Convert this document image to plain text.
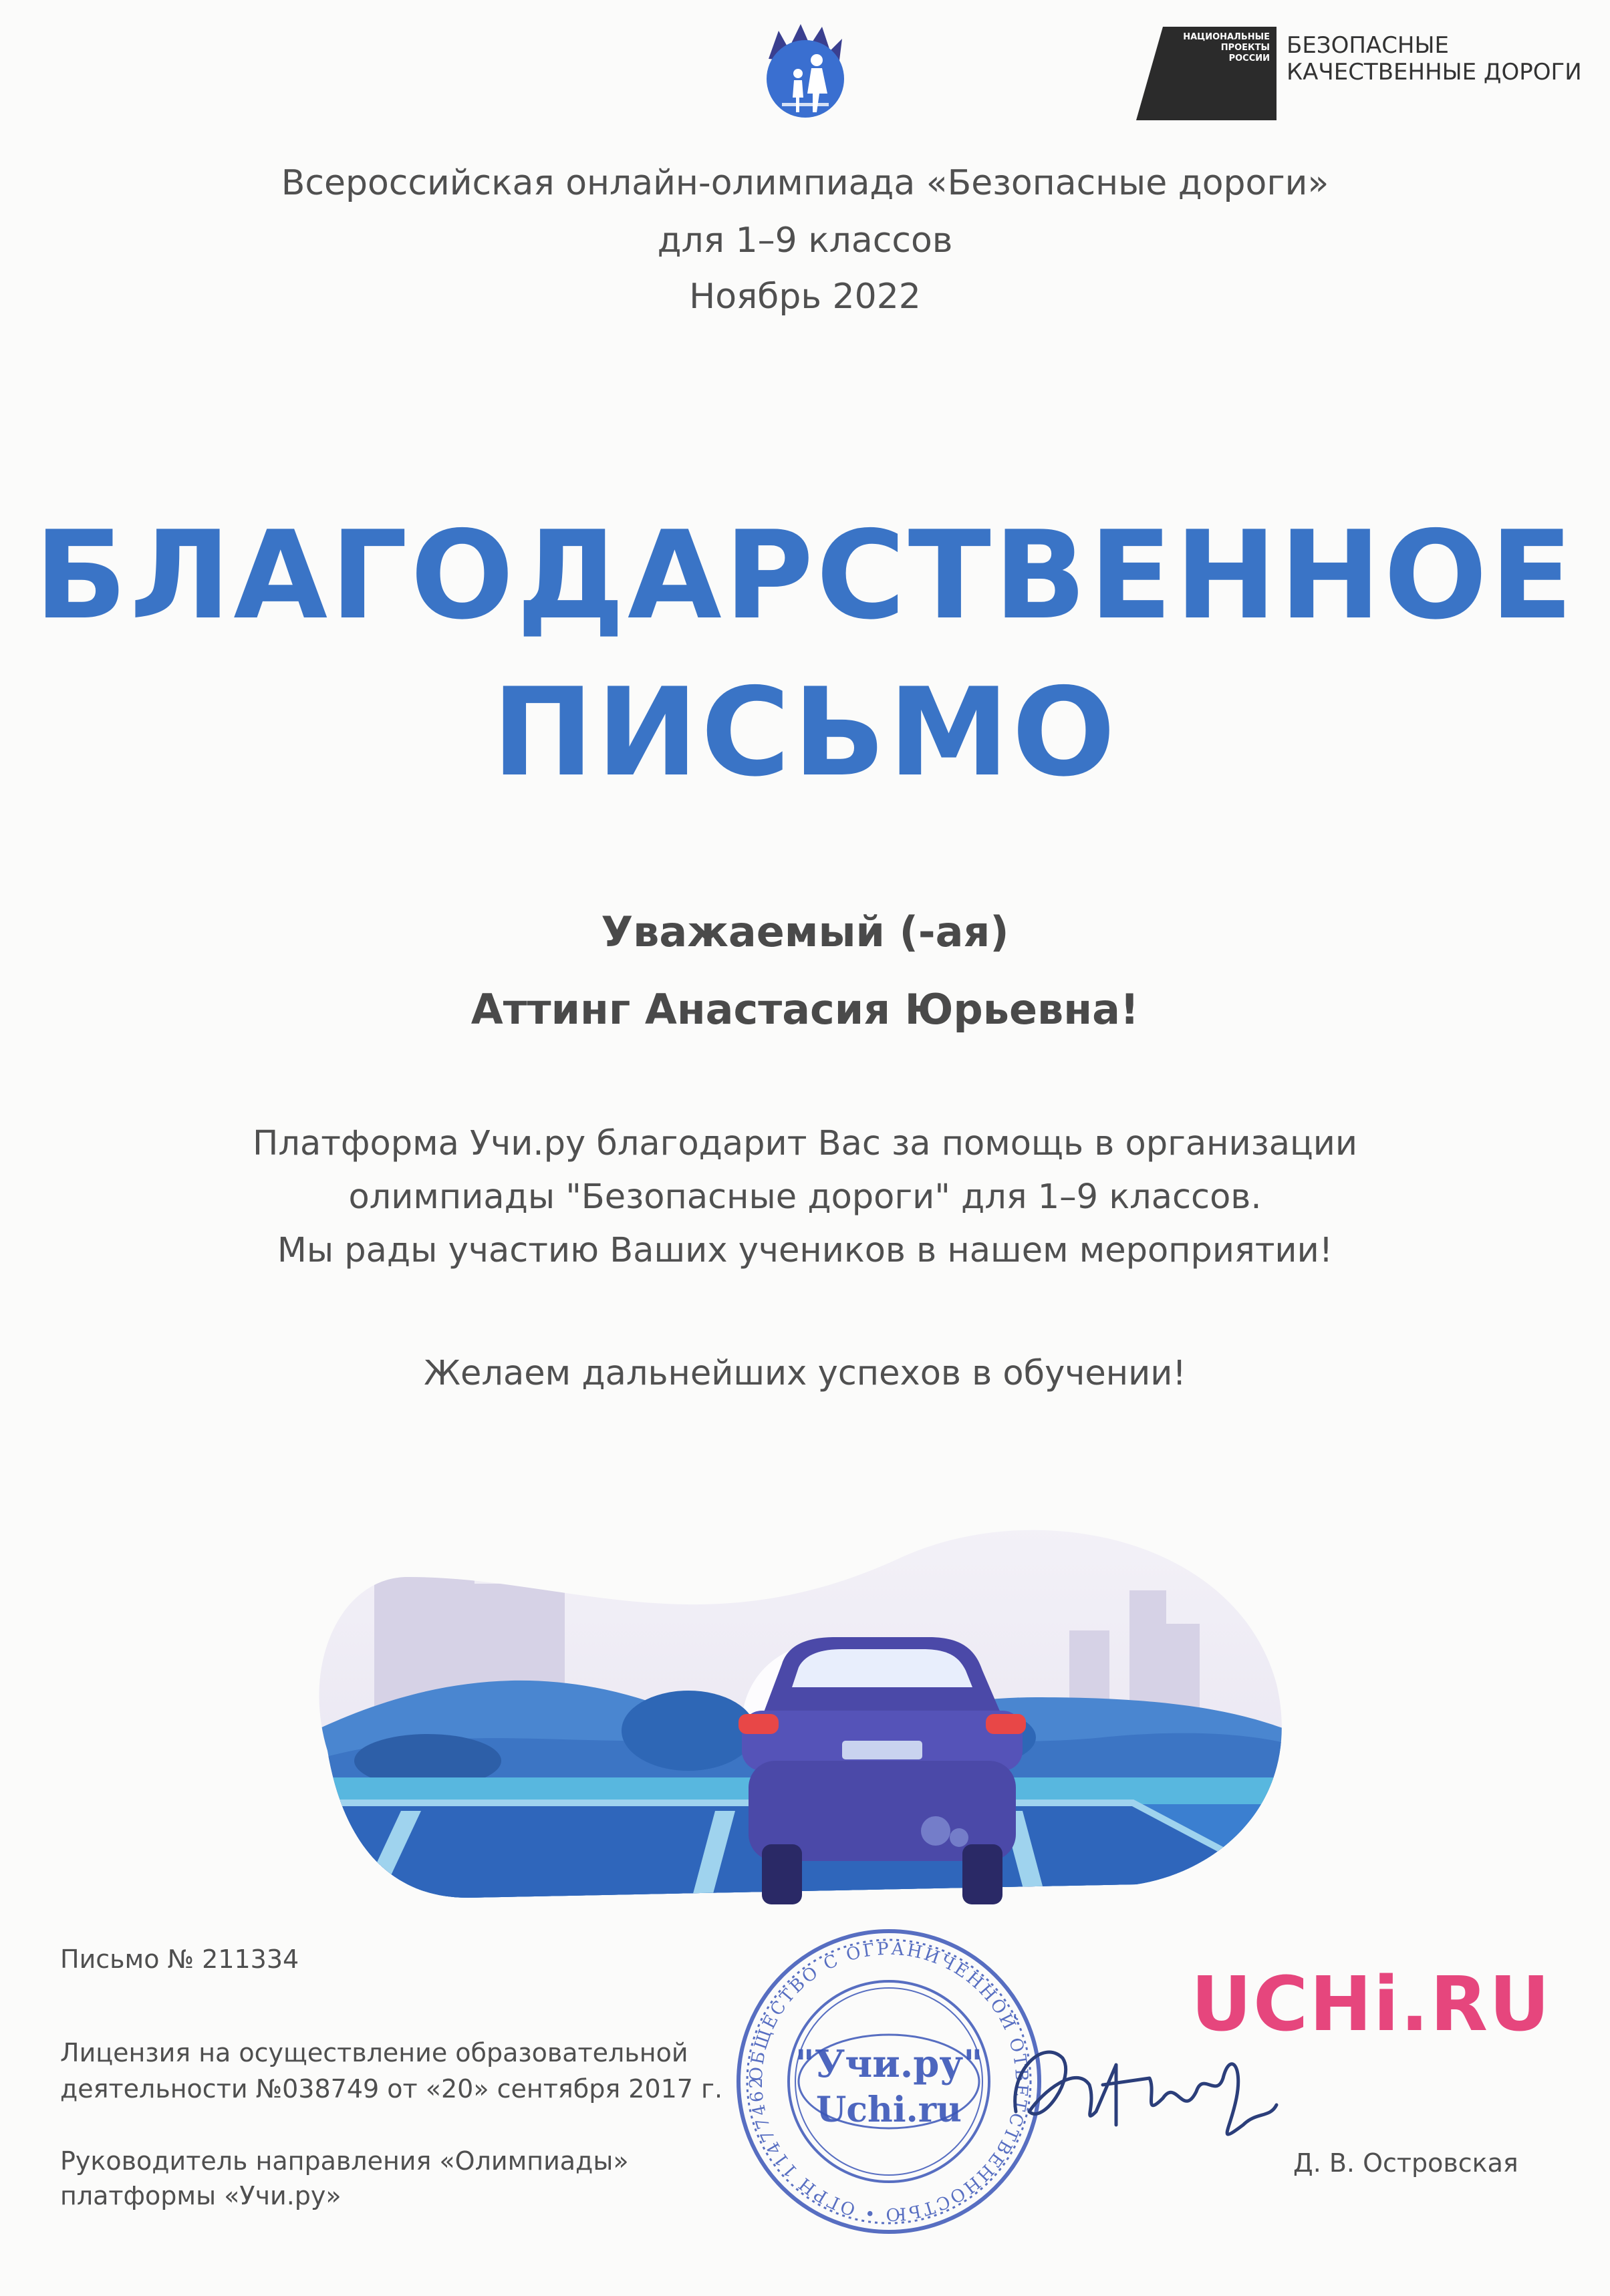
НАЦИОНАЛЬНЫЕ
ПРОЕКТЫ
РОССИИ БЕЗОПАСНЫЕ
КАЧЕСТВЕННЫЕ ДОРОГИ
Всероссийская онлайн-олимпиада «Безопасные дороги»
для 1–9 классов
Ноябрь 2022
БЛАГОДАРСТВЕННОЕ
ПИСЬМО
Уважаемый (-ая)
Аттинг Анастасия Юрьевна!
Платформа Учи.ру благодарит Вас за помощь в организации
олимпиады "Безопасные дороги" для 1–9 классов.
Мы рады участию Ваших учеников в нашем мероприятии!
Желаем дальнейших успехов в обучении!
Письмо № 211334
Лицензия на осуществление образовательной
деятельности №038749 от «20» сентября 2017 г.
Руководитель направления «Олимпиады»
платформы «Учи.ру»
ОБЩЕСТВО С ОГРАНИЧЕННОЙ ОТВЕТСТВЕННОСТЬЮ • ОГРН 11477462 "Учи.ру"
Uchi.ru
UCHi.RU
Д. В. Островская
